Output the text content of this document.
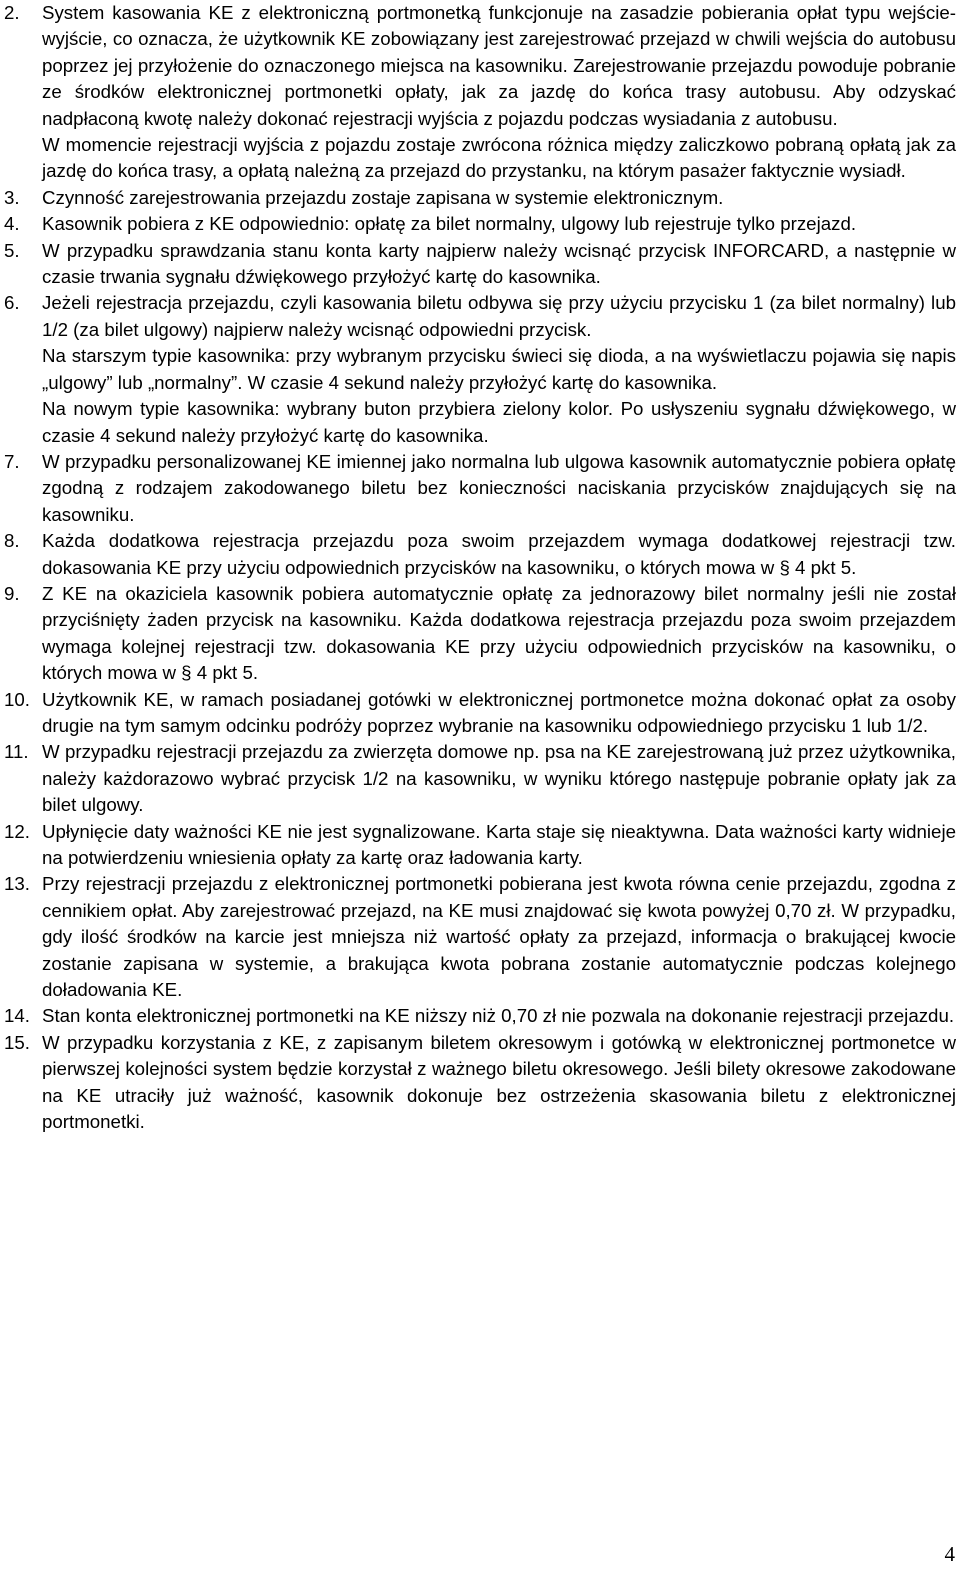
2. System kasowania KE z elektroniczną portmonetką funkcjonuje na zasadzie pobierania opłat typu wejście-wyjście, co oznacza, że użytkownik KE zobowiązany jest zarejestrować przejazd w chwili wejścia do autobusu poprzez jej przyłożenie do oznaczonego miejsca na kasowniku. Zarejestrowanie przejazdu powoduje pobranie ze środków elektronicznej portmonetki opłaty, jak za jazdę do końca trasy autobusu. Aby odzyskać nadpłaconą kwotę należy dokonać rejestracji wyjścia z pojazdu podczas wysiadania z autobusu.

W momencie rejestracji wyjścia z pojazdu zostaje zwrócona różnica między zaliczkowo pobraną opłatą jak za jazdę do końca trasy, a opłatą należną za przejazd do przystanku, na którym pasażer faktycznie wysiadł.

3. Czynność zarejestrowania przejazdu zostaje zapisana w systemie elektronicznym.

4. Kasownik pobiera z KE odpowiednio: opłatę za bilet normalny, ulgowy lub rejestruje tylko przejazd.

5. W przypadku sprawdzania stanu konta karty najpierw należy wcisnąć przycisk INFORCARD, a następnie w czasie trwania sygnału dźwiękowego przyłożyć kartę do kasownika.

6. Jeżeli rejestracja przejazdu, czyli kasowania biletu odbywa się przy użyciu przycisku 1 (za bilet normalny) lub 1/2 (za bilet ulgowy) najpierw należy wcisnąć odpowiedni przycisk.

Na starszym typie kasownika: przy wybranym przycisku świeci się dioda, a na wyświetlaczu pojawia się napis „ulgowy” lub „normalny”. W czasie 4 sekund należy przyłożyć kartę do kasownika.

Na nowym typie kasownika: wybrany buton przybiera zielony kolor. Po usłyszeniu sygnału dźwiękowego, w czasie 4 sekund należy przyłożyć kartę do kasownika.

7. W przypadku personalizowanej KE imiennej jako normalna lub ulgowa kasownik automatycznie pobiera opłatę zgodną z rodzajem zakodowanego biletu bez konieczności naciskania przycisków znajdujących się na kasowniku.

8. Każda dodatkowa rejestracja przejazdu poza swoim przejazdem wymaga dodatkowej rejestracji tzw. dokasowania KE przy użyciu odpowiednich przycisków na kasowniku, o których mowa w § 4 pkt 5.

9. Z KE na okaziciela kasownik pobiera automatycznie opłatę za jednorazowy bilet normalny jeśli nie został przyciśnięty żaden przycisk na kasowniku. Każda dodatkowa rejestracja przejazdu poza swoim przejazdem wymaga kolejnej rejestracji tzw. dokasowania KE przy użyciu odpowiednich przycisków na kasowniku, o których mowa w § 4 pkt 5.

10. Użytkownik KE, w ramach posiadanej gotówki w elektronicznej portmonetce można dokonać opłat za osoby drugie na tym samym odcinku podróży poprzez wybranie na kasowniku odpowiedniego przycisku 1 lub 1/2.

11. W przypadku rejestracji przejazdu za zwierzęta domowe np. psa na KE zarejestrowaną już przez użytkownika, należy każdorazowo wybrać przycisk 1/2 na kasowniku, w wyniku którego następuje pobranie opłaty jak za bilet ulgowy.

12. Upłynięcie daty ważności KE nie jest sygnalizowane. Karta staje się nieaktywna. Data ważności karty widnieje na potwierdzeniu wniesienia opłaty za kartę oraz ładowania karty.

13. Przy rejestracji przejazdu z elektronicznej portmonetki pobierana jest kwota równa cenie przejazdu, zgodna z cennikiem opłat. Aby zarejestrować przejazd, na KE musi znajdować się kwota powyżej 0,70 zł. W przypadku, gdy ilość środków na karcie jest mniejsza niż wartość opłaty za przejazd, informacja o brakującej kwocie zostanie zapisana w systemie, a brakująca kwota pobrana zostanie automatycznie podczas kolejnego doładowania KE.

14. Stan konta elektronicznej portmonetki na KE niższy niż 0,70 zł nie pozwala na dokonanie rejestracji przejazdu.

15. W przypadku korzystania z KE, z zapisanym biletem okresowym i gotówką w elektronicznej portmonetce w pierwszej kolejności system będzie korzystał z ważnego biletu okresowego. Jeśli bilety okresowe zakodowane na KE utraciły już ważność, kasownik dokonuje bez ostrzeżenia skasowania biletu z elektronicznej portmonetki.

4
